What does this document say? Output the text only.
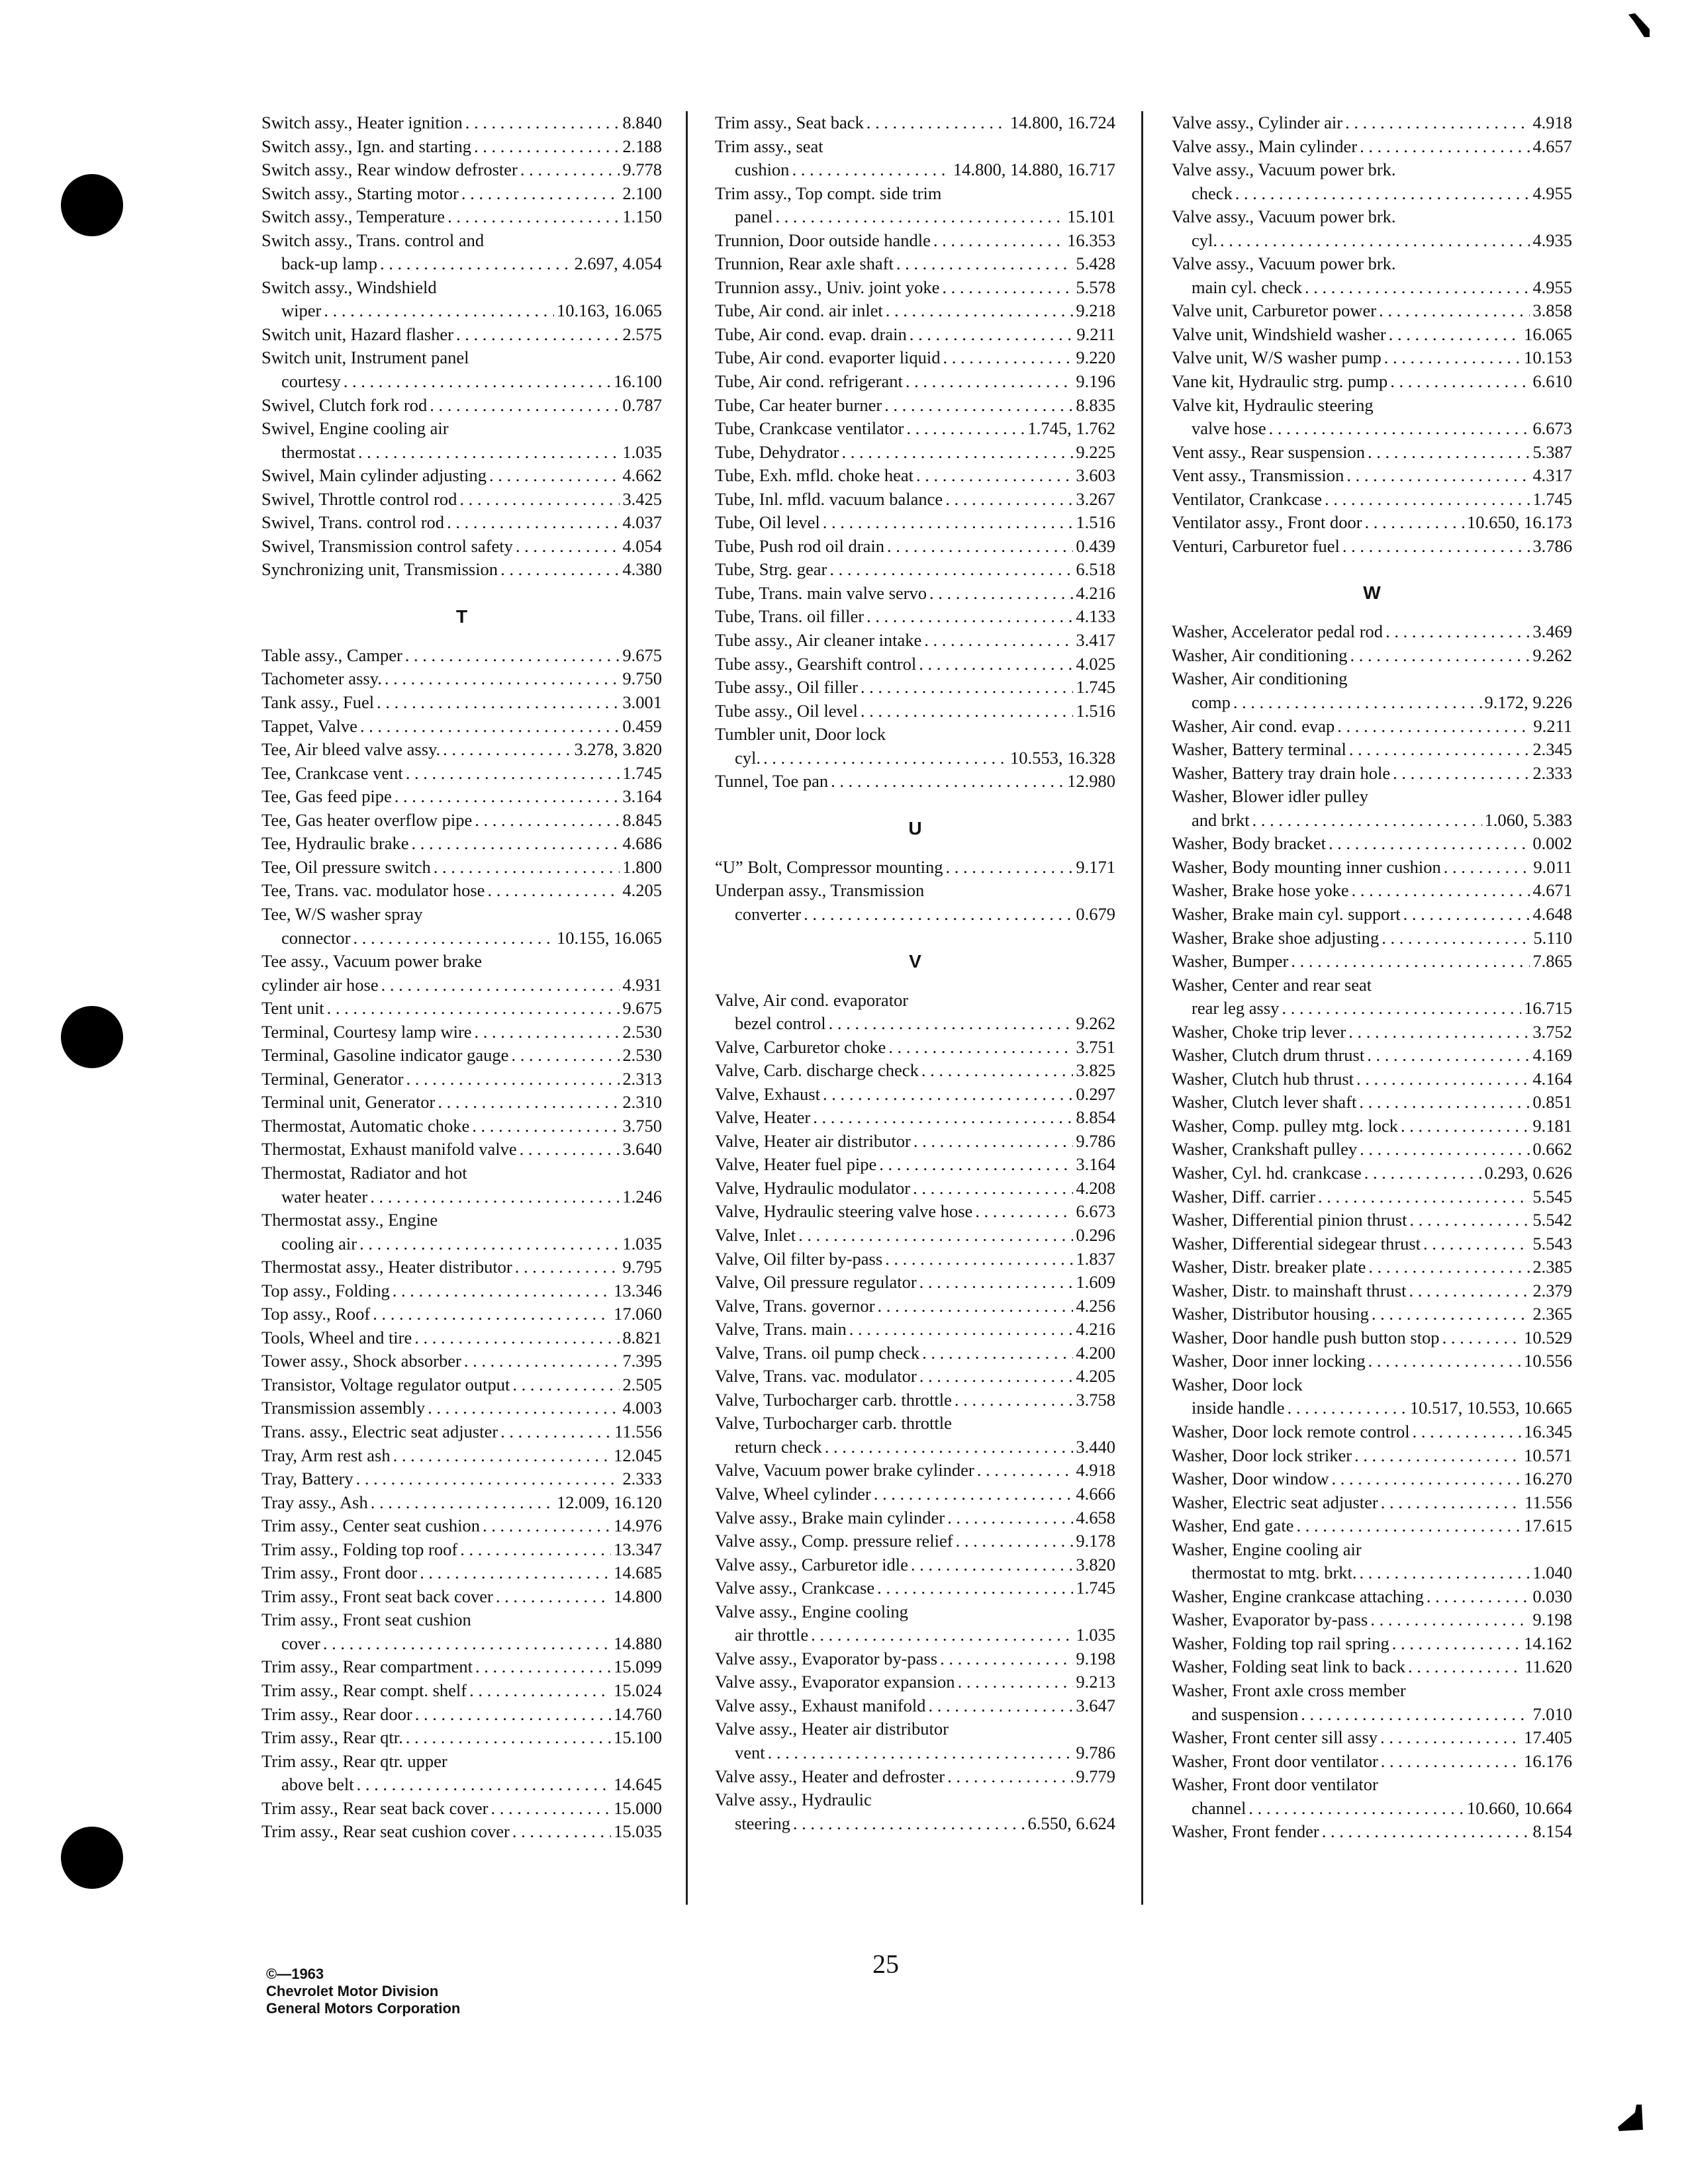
Switch assy., Heater ignition . . .	8.840
Switch assy., Ign. and starting . . .	2.188
Switch assy., Rear window defroster . . .	9.778
Switch assy., Starting motor . . .	2.100
Switch assy., Temperature . . .	1.150
Switch assy., Trans. control and
back-up lamp . . .	2.697, 4.054
Switch assy., Windshield
wiper . . .	10.163, 16.065
Switch unit, Hazard flasher . . .	2.575
Switch unit, Instrument panel
courtesy . . .	16.100
Swivel, Clutch fork rod . . .	0.787
Swivel, Engine cooling air
thermostat . . .	1.035
Swivel, Main cylinder adjusting . . .	4.662
Swivel, Throttle control rod . . .	3.425
Swivel, Trans. control rod . . .	4.037
Swivel, Transmission control safety . . .	4.054
Synchronizing unit, Transmission . . .	4.380
T
Table assy., Camper . . .	9.675
Tachometer assy. . . .	9.750
Tank assy., Fuel . . .	3.001
Tappet, Valve . . .	0.459
Tee, Air bleed valve assy. . . .	3.278, 3.820
Tee, Crankcase vent . . .	1.745
Tee, Gas feed pipe . . .	3.164
Tee, Gas heater overflow pipe . . .	8.845
Tee, Hydraulic brake . . .	4.686
Tee, Oil pressure switch . . .	1.800
Tee, Trans. vac. modulator hose . . .	4.205
Tee, W/S washer spray
connector . . .	10.155, 16.065
Tee assy., Vacuum power brake
cylinder air hose . . .	4.931
Tent unit . . .	9.675
Terminal, Courtesy lamp wire . . .	2.530
Terminal, Gasoline indicator gauge . . .	2.530
Terminal, Generator . . .	2.313
Terminal unit, Generator . . .	2.310
Thermostat, Automatic choke . . .	3.750
Thermostat, Exhaust manifold valve . . .	3.640
Thermostat, Radiator and hot
water heater . . .	1.246
Thermostat assy., Engine
cooling air . . .	1.035
Thermostat assy., Heater distributor . . .	9.795
Top assy., Folding . . .	13.346
Top assy., Roof . . .	17.060
Tools, Wheel and tire . . .	8.821
Tower assy., Shock absorber . . .	7.395
Transistor, Voltage regulator output . . .	2.505
Transmission assembly . . .	4.003
Trans. assy., Electric seat adjuster . . .	11.556
Tray, Arm rest ash . . .	12.045
Tray, Battery . . .	2.333
Tray assy., Ash . . .	12.009, 16.120
Trim assy., Center seat cushion . . .	14.976
Trim assy., Folding top roof . . .	13.347
Trim assy., Front door . . .	14.685
Trim assy., Front seat back cover . . .	14.800
Trim assy., Front seat cushion
cover . . .	14.880
Trim assy., Rear compartment . . .	15.099
Trim assy., Rear compt. shelf . . .	15.024
Trim assy., Rear door . . .	14.760
Trim assy., Rear qtr. . . .	15.100
Trim assy., Rear qtr. upper
above belt . . .	14.645
Trim assy., Rear seat back cover . . .	15.000
Trim assy., Rear seat cushion cover . . .	15.035
Trim assy., Seat back . . .	14.800, 16.724
Trim assy., seat
cushion . . .	14.800, 14.880, 16.717
Trim assy., Top compt. side trim
panel . . .	15.101
Trunnion, Door outside handle . . .	16.353
Trunnion, Rear axle shaft . . .	5.428
Trunnion assy., Univ. joint yoke . . .	5.578
Tube, Air cond. air inlet . . .	9.218
Tube, Air cond. evap. drain . . .	9.211
Tube, Air cond. evaporter liquid . . .	9.220
Tube, Air cond. refrigerant . . .	9.196
Tube, Car heater burner . . .	8.835
Tube, Crankcase ventilator . . .	1.745, 1.762
Tube, Dehydrator . . .	9.225
Tube, Exh. mfld. choke heat . . .	3.603
Tube, Inl. mfld. vacuum balance . . .	3.267
Tube, Oil level . . .	1.516
Tube, Push rod oil drain . . .	0.439
Tube, Strg. gear . . .	6.518
Tube, Trans. main valve servo . . .	4.216
Tube, Trans. oil filler . . .	4.133
Tube assy., Air cleaner intake . . .	3.417
Tube assy., Gearshift control . . .	4.025
Tube assy., Oil filler . . .	1.745
Tube assy., Oil level . . .	1.516
Tumbler unit, Door lock
cyl. . . .	10.553, 16.328
Tunnel, Toe pan . . .	12.980
U
“U” Bolt, Compressor mounting . . .	9.171
Underpan assy., Transmission
converter . . .	0.679
V
Valve, Air cond. evaporator
bezel control . . .	9.262
Valve, Carburetor choke . . .	3.751
Valve, Carb. discharge check . . .	3.825
Valve, Exhaust . . .	0.297
Valve, Heater . . .	8.854
Valve, Heater air distributor . . .	9.786
Valve, Heater fuel pipe . . .	3.164
Valve, Hydraulic modulator . . .	4.208
Valve, Hydraulic steering valve hose . . .	6.673
Valve, Inlet . . .	0.296
Valve, Oil filter by-pass . . .	1.837
Valve, Oil pressure regulator . . .	1.609
Valve, Trans. governor . . .	4.256
Valve, Trans. main . . .	4.216
Valve, Trans. oil pump check . . .	4.200
Valve, Trans. vac. modulator . . .	4.205
Valve, Turbocharger carb. throttle . . .	3.758
Valve, Turbocharger carb. throttle
return check . . .	3.440
Valve, Vacuum power brake cylinder . . .	4.918
Valve, Wheel cylinder . . .	4.666
Valve assy., Brake main cylinder . . .	4.658
Valve assy., Comp. pressure relief . . .	9.178
Valve assy., Carburetor idle . . .	3.820
Valve assy., Crankcase . . .	1.745
Valve assy., Engine cooling
air throttle . . .	1.035
Valve assy., Evaporator by-pass . . .	9.198
Valve assy., Evaporator expansion . . .	9.213
Valve assy., Exhaust manifold . . .	3.647
Valve assy., Heater air distributor
vent . . .	9.786
Valve assy., Heater and defroster . . .	9.779
Valve assy., Hydraulic
steering . . .	6.550, 6.624
Valve assy., Cylinder air . . .	4.918
Valve assy., Main cylinder . . .	4.657
Valve assy., Vacuum power brk.
check . . .	4.955
Valve assy., Vacuum power brk.
cyl. . . .	4.935
Valve assy., Vacuum power brk.
main cyl. check . . .	4.955
Valve unit, Carburetor power . . .	3.858
Valve unit, Windshield washer . . .	16.065
Valve unit, W/S washer pump . . .	10.153
Vane kit, Hydraulic strg. pump . . .	6.610
Valve kit, Hydraulic steering
valve hose . . .	6.673
Vent assy., Rear suspension . . .	5.387
Vent assy., Transmission . . .	4.317
Ventilator, Crankcase . . .	1.745
Ventilator assy., Front door . . .	10.650, 16.173
Venturi, Carburetor fuel . . .	3.786
W
Washer, Accelerator pedal rod . . .	3.469
Washer, Air conditioning . . .	9.262
Washer, Air conditioning
comp . . .	9.172, 9.226
Washer, Air cond. evap . . .	9.211
Washer, Battery terminal . . .	2.345
Washer, Battery tray drain hole . . .	2.333
Washer, Blower idler pulley
and brkt . . .	1.060, 5.383
Washer, Body bracket . . .	0.002
Washer, Body mounting inner cushion . . .	9.011
Washer, Brake hose yoke . . .	4.671
Washer, Brake main cyl. support . . .	4.648
Washer, Brake shoe adjusting . . .	5.110
Washer, Bumper . . .	7.865
Washer, Center and rear seat
rear leg assy . . .	16.715
Washer, Choke trip lever . . .	3.752
Washer, Clutch drum thrust . . .	4.169
Washer, Clutch hub thrust . . .	4.164
Washer, Clutch lever shaft . . .	0.851
Washer, Comp. pulley mtg. lock . . .	9.181
Washer, Crankshaft pulley . . .	0.662
Washer, Cyl. hd. crankcase . . .	0.293, 0.626
Washer, Diff. carrier . . .	5.545
Washer, Differential pinion thrust . . .	5.542
Washer, Differential sidegear thrust . . .	5.543
Washer, Distr. breaker plate . . .	2.385
Washer, Distr. to mainshaft thrust . . .	2.379
Washer, Distributor housing . . .	2.365
Washer, Door handle push button stop . . .	10.529
Washer, Door inner locking . . .	10.556
Washer, Door lock
inside handle . . .	10.517, 10.553, 10.665
Washer, Door lock remote control . . .	16.345
Washer, Door lock striker . . .	10.571
Washer, Door window . . .	16.270
Washer, Electric seat adjuster . . .	11.556
Washer, End gate . . .	17.615
Washer, Engine cooling air
thermostat to mtg. brkt. . . .	1.040
Washer, Engine crankcase attaching . . .	0.030
Washer, Evaporator by-pass . . .	9.198
Washer, Folding top rail spring . . .	14.162
Washer, Folding seat link to back . . .	11.620
Washer, Front axle cross member
and suspension . . .	7.010
Washer, Front center sill assy . . .	17.405
Washer, Front door ventilator . . .	16.176
Washer, Front door ventilator
channel . . .	10.660, 10.664
Washer, Front fender . . .	8.154
©—1963
Chevrolet Motor Division
General Motors Corporation
25
